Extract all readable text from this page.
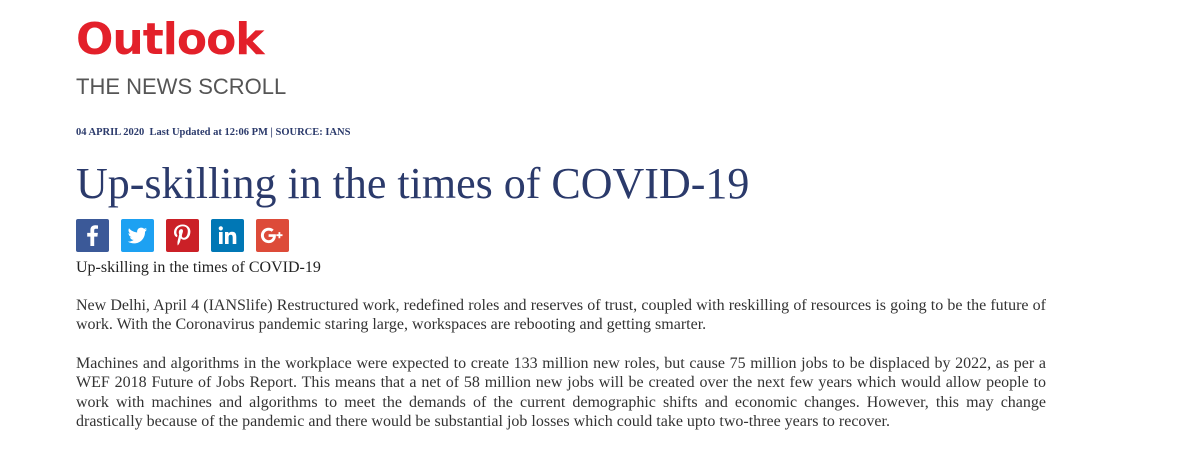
Outlook
THE NEWS SCROLL
04 APRIL 2020 Last Updated at 12:06 PM | SOURCE: IANS
Up-skilling in the times of COVID-19
Up-skilling in the times of COVID-19

New Delhi, April 4 (IANSlife) Restructured work, redefined roles and reserves of trust, coupled with reskilling of resources is going to be the future of work. With the Coronavirus pandemic staring large, workspaces are rebooting and getting smarter.

Machines and algorithms in the workplace were expected to create 133 million new roles, but cause 75 million jobs to be displaced by 2022, as per a WEF 2018 Future of Jobs Report. This means that a net of 58 million new jobs will be created over the next few years which would allow people to work with machines and algorithms to meet the demands of the current demographic shifts and economic changes. However, this may change drastically because of the pandemic and there would be substantial job losses which could take upto two-three years to recover.
